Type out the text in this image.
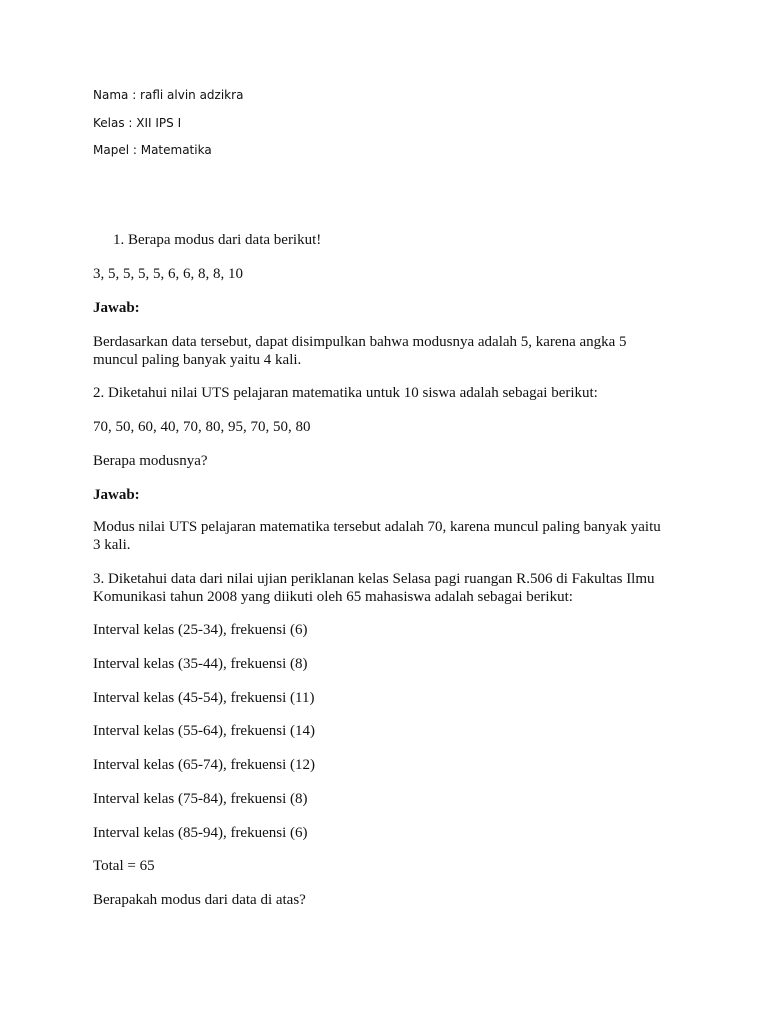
Nama : rafli alvin adzikra
Kelas : XII IPS I
Mapel : Matematika
1. Berapa modus dari data berikut!
3, 5, 5, 5, 5, 6, 6, 8, 8, 10
Jawab:
Berdasarkan data tersebut, dapat disimpulkan bahwa modusnya adalah 5, karena angka 5 muncul paling banyak yaitu 4 kali.
2. Diketahui nilai UTS pelajaran matematika untuk 10 siswa adalah sebagai berikut:
70, 50, 60, 40, 70, 80, 95, 70, 50, 80
Berapa modusnya?
Jawab:
Modus nilai UTS pelajaran matematika tersebut adalah 70, karena muncul paling banyak yaitu 3 kali.
3. Diketahui data dari nilai ujian periklanan kelas Selasa pagi ruangan R.506 di Fakultas Ilmu Komunikasi tahun 2008 yang diikuti oleh 65 mahasiswa adalah sebagai berikut:
Interval kelas (25-34), frekuensi (6)
Interval kelas (35-44), frekuensi (8)
Interval kelas (45-54), frekuensi (11)
Interval kelas (55-64), frekuensi (14)
Interval kelas (65-74), frekuensi (12)
Interval kelas (75-84), frekuensi (8)
Interval kelas (85-94), frekuensi (6)
Total = 65
Berapakah modus dari data di atas?
